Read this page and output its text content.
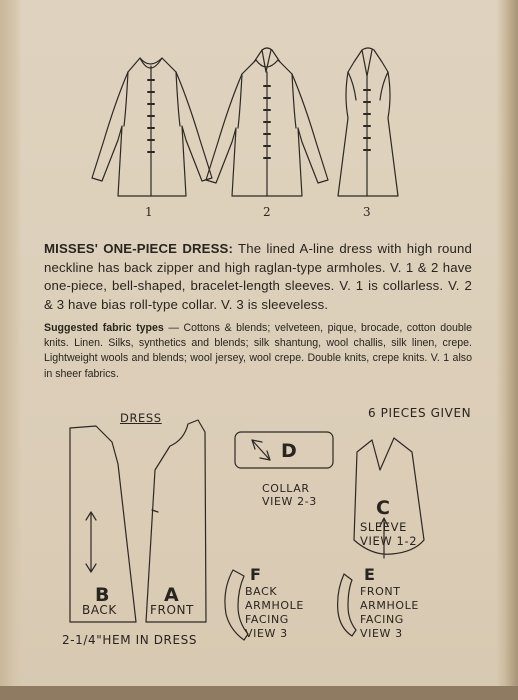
1	2	3
MISSES' ONE-PIECE DRESS: The lined A-line dress with high round neckline has back zipper and high raglan-type armholes. V. 1 & 2 have one-piece, bell-shaped, bracelet-length sleeves. V. 1 is collarless. V. 2 & 3 have bias roll-type collar. V. 3 is sleeveless.
Suggested fabric types — Cottons & blends; velveteen, pique, brocade, cotton double knits. Linen. Silks, synthetics and blends; silk shantung, wool challis, silk linen, crepe. Lightweight wools and blends; wool jersey, wool crepe. Double knits, crepe knits. V. 1 also in sheer fabrics.
DRESS	6 PIECES GIVEN
B
BACK
A
FRONT
2-1/4"HEM IN DRESS
D
COLLAR
VIEW 2-3	C
SLEEVE
VIEW 1-2
F
BACK
ARMHOLE
FACING
VIEW 3
E
FRONT
ARMHOLE
FACING
VIEW 3
